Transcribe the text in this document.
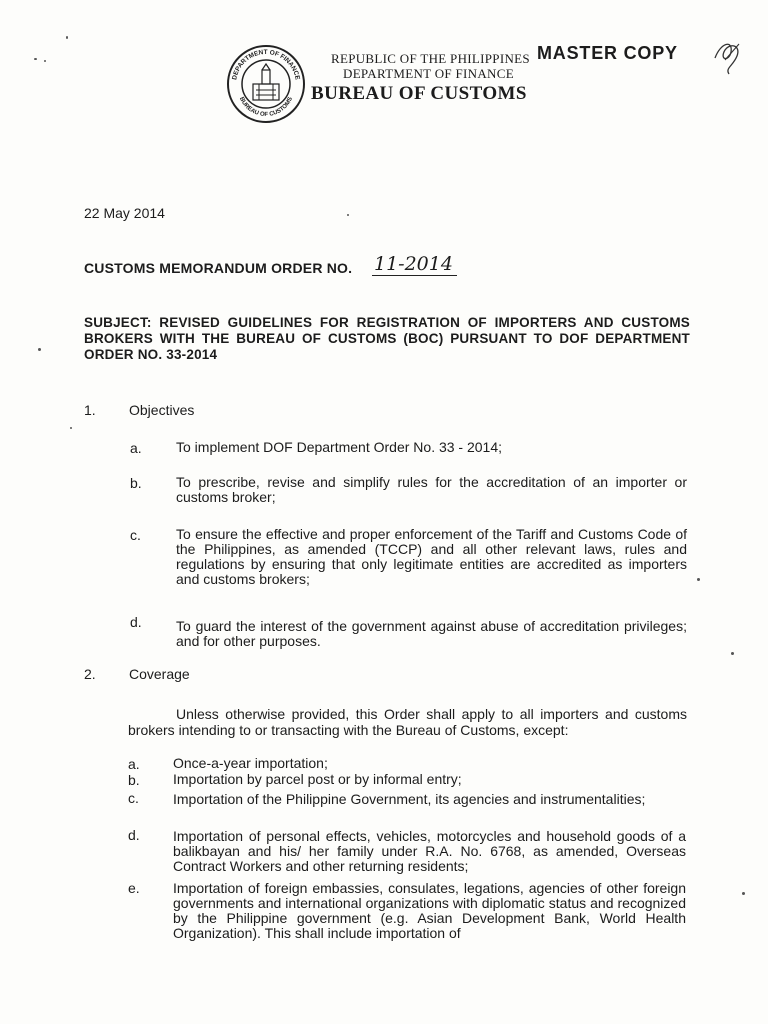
DEPARTMENT OF FINANCE
BUREAU OF CUSTOMS
REPUBLIC OF THE PHILIPPINES
DEPARTMENT OF FINANCE
BUREAU OF CUSTOMS
MASTER COPY
22 May 2014
CUSTOMS MEMORANDUM ORDER NO. 11-2014
SUBJECT: REVISED GUIDELINES FOR REGISTRATION OF IMPORTERS AND CUSTOMS BROKERS WITH THE BUREAU OF CUSTOMS (BOC) PURSUANT TO DOF DEPARTMENT ORDER NO. 33-2014
1. Objectives
a. To implement DOF Department Order No. 33 - 2014;
b. To prescribe, revise and simplify rules for the accreditation of an importer or customs broker;
c.	To ensure the effective and proper enforcement of the Tariff and Customs Code of the Philippines, as amended (TCCP) and all other relevant laws, rules and regulations by ensuring that only legitimate entities are accredited as importers and customs brokers;
d. To guard the interest of the government against abuse of accreditation privileges; and for other purposes.
2. Coverage
Unless otherwise provided, this Order shall apply to all importers and customs brokers intending to or transacting with the Bureau of Customs, except:
a. Once-a-year importation;
b. Importation by parcel post or by informal entry;
c. Importation of the Philippine Government, its agencies and instrumentalities;
d. Importation of personal effects, vehicles, motorcycles and household goods of a balikbayan and his/ her family under R.A. No. 6768, as amended, Overseas Contract Workers and other returning residents;
e. Importation of foreign embassies, consulates, legations, agencies of other foreign governments and international organizations with diplomatic status and recognized by the Philippine government (e.g. Asian Development Bank, World Health Organization). This shall include importation of
